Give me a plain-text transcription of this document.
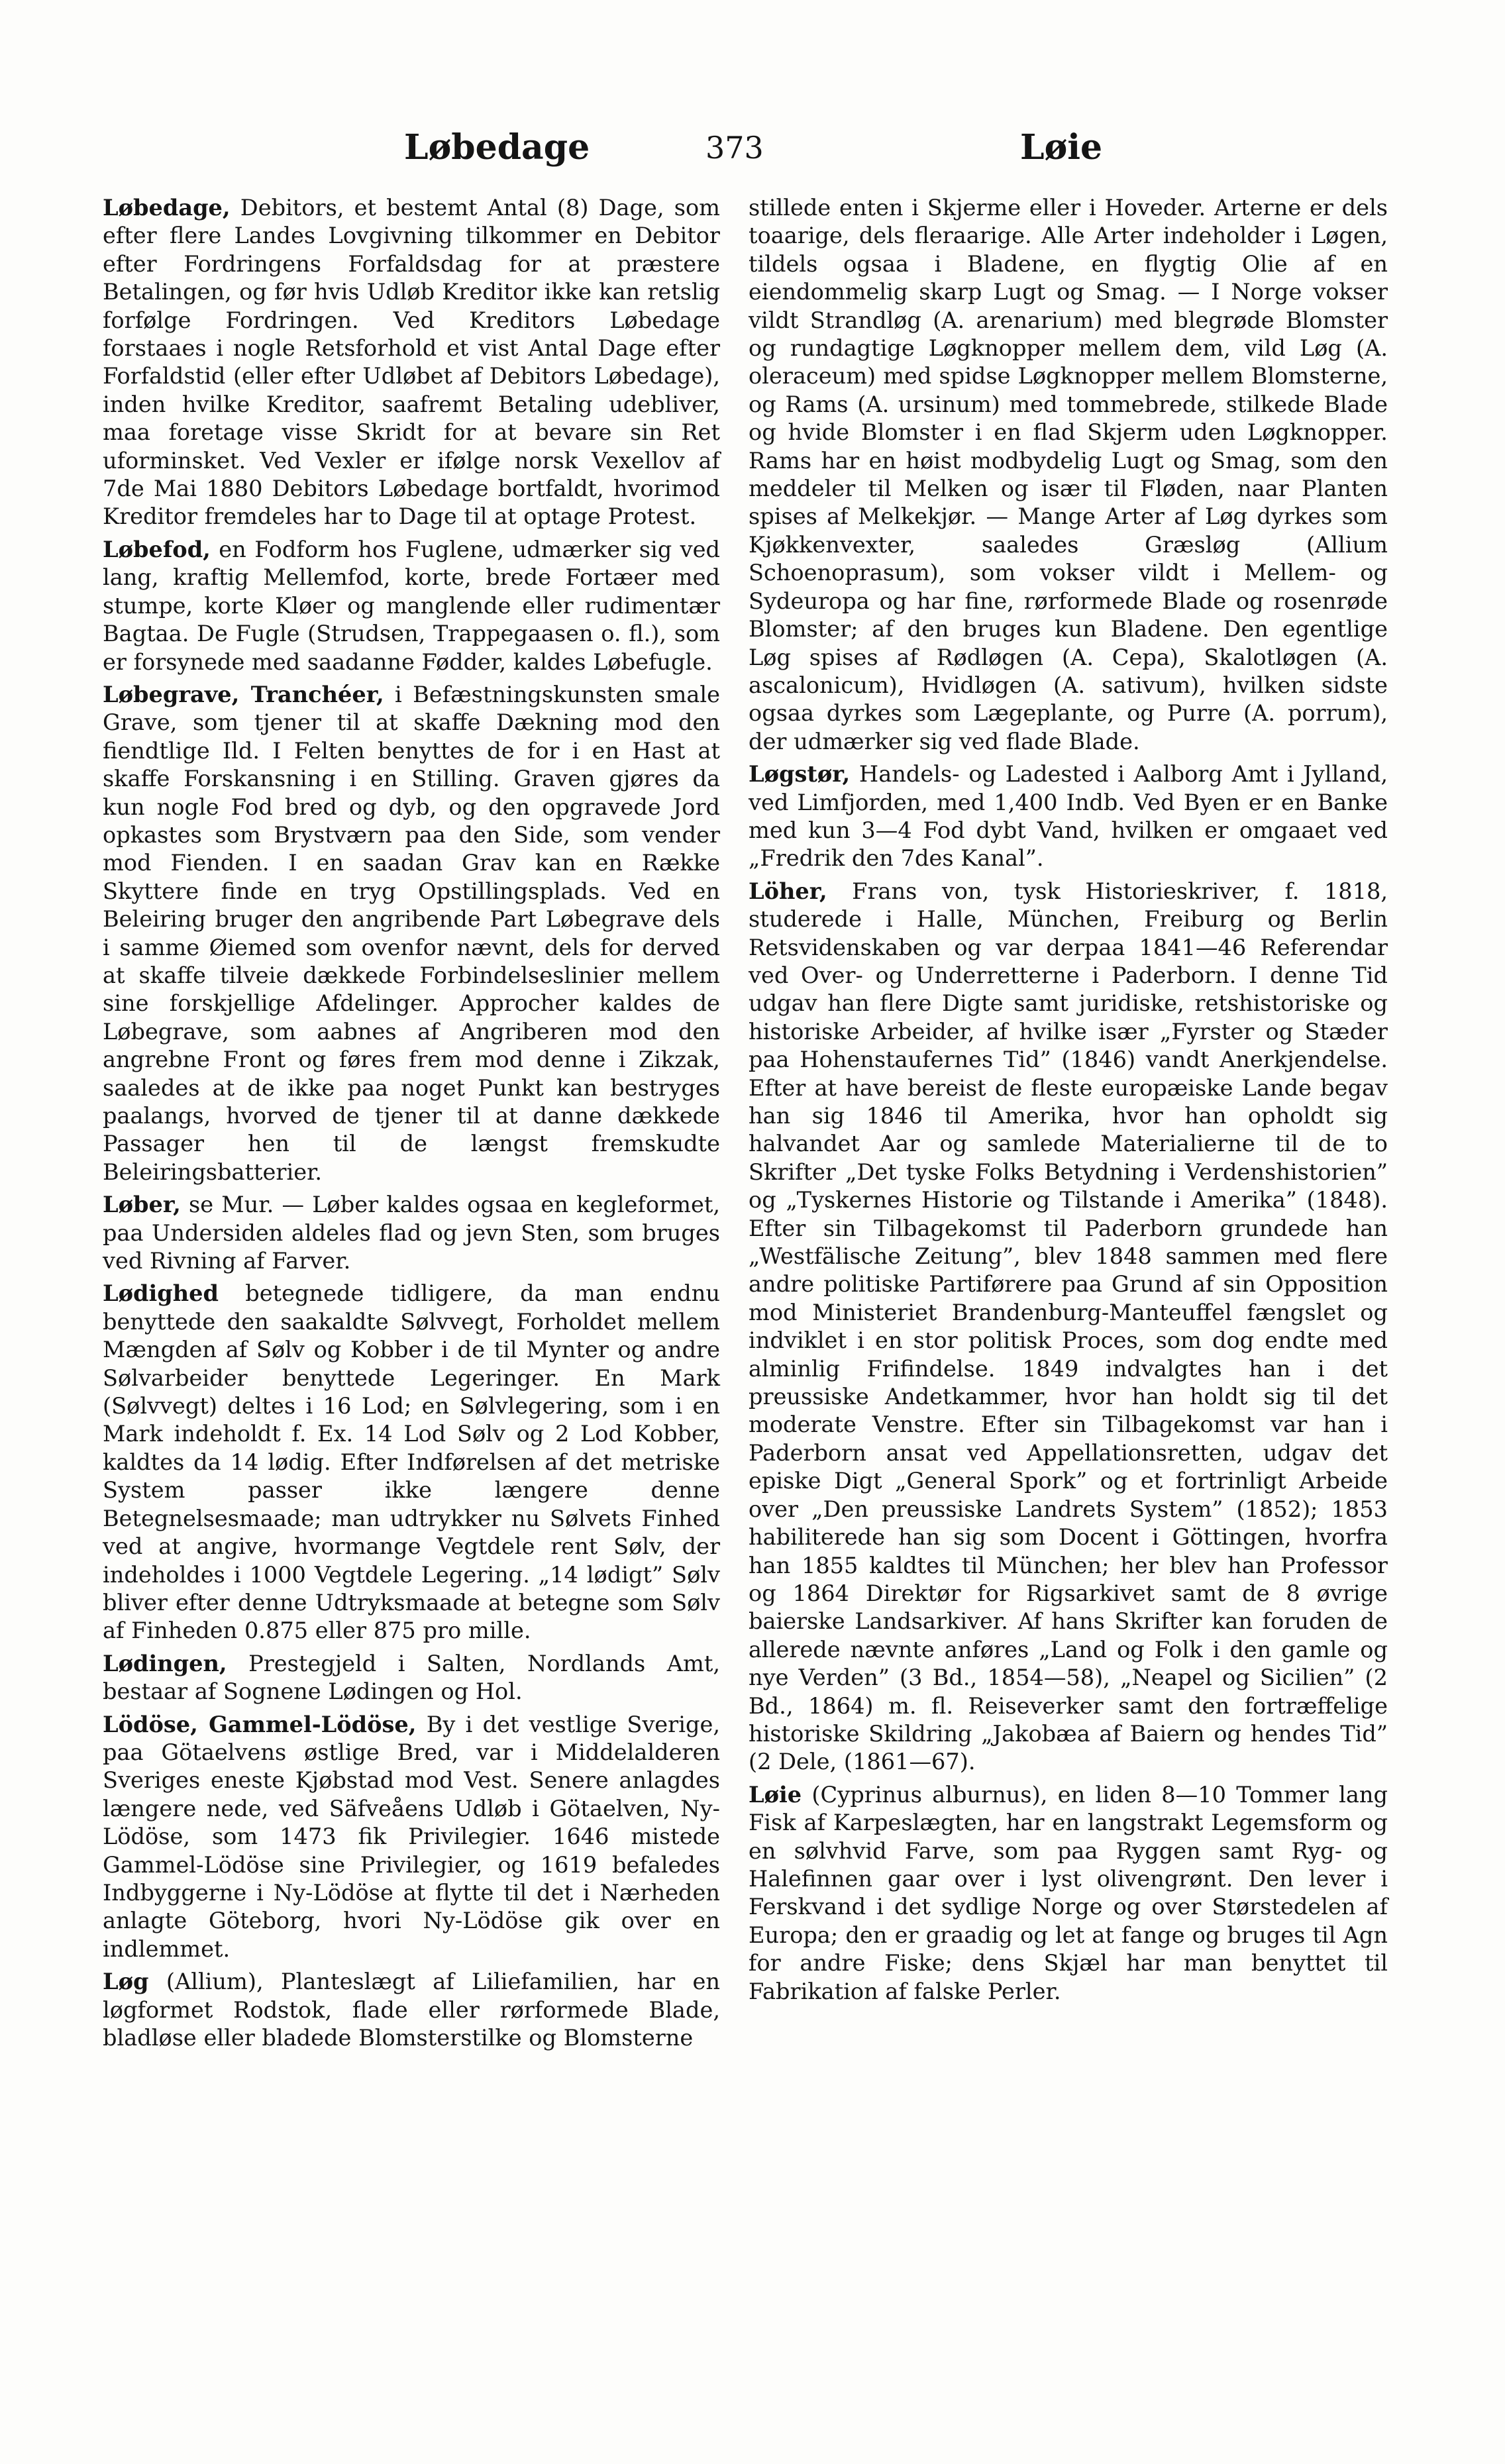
Løbedage	373	Løie

Løbedage, Debitors, et bestemt Antal (8) Dage, som efter flere Landes Lovgivning tilkommer en Debitor efter Fordringens Forfaldsdag for at præstere Betalingen, og før hvis Udløb Kreditor ikke kan retslig forfølge Fordringen. Ved Kreditors Løbedage forstaaes i nogle Retsforhold et vist Antal Dage efter Forfaldstid (eller efter Udløbet af Debitors Løbedage), inden hvilke Kreditor, saafremt Betaling udebliver, maa foretage visse Skridt for at bevare sin Ret uforminsket. Ved Vexler er ifølge norsk Vexellov af 7de Mai 1880 Debitors Løbedage bortfaldt, hvorimod Kreditor fremdeles har to Dage til at optage Protest.

Løbefod, en Fodform hos Fuglene, udmærker sig ved lang, kraftig Mellemfod, korte, brede Fortæer med stumpe, korte Kløer og manglende eller rudimentær Bagtaa. De Fugle (Strudsen, Trappegaasen o. fl.), som er forsynede med saadanne Fødder, kaldes Løbefugle.

Løbegrave, Tranchéer, i Befæstningskunsten smale Grave, som tjener til at skaffe Dækning mod den fiendtlige Ild. I Felten benyttes de for i en Hast at skaffe Forskansning i en Stilling. Graven gjøres da kun nogle Fod bred og dyb, og den opgravede Jord opkastes som Brystværn paa den Side, som vender mod Fienden. I en saadan Grav kan en Række Skyttere finde en tryg Opstillingsplads. Ved en Beleiring bruger den angribende Part Løbegrave dels i samme Øiemed som ovenfor nævnt, dels for derved at skaffe tilveie dækkede Forbindelseslinier mellem sine forskjellige Afdelinger. Approcher kaldes de Løbegrave, som aabnes af Angriberen mod den angrebne Front og føres frem mod denne i Zikzak, saaledes at de ikke paa noget Punkt kan bestryges paalangs, hvorved de tjener til at danne dækkede Passager hen til de længst fremskudte Beleiringsbatterier.

Løber, se Mur. — Løber kaldes ogsaa en kegleformet, paa Undersiden aldeles flad og jevn Sten, som bruges ved Rivning af Farver.

Lødighed betegnede tidligere, da man endnu benyttede den saakaldte Sølvvegt, Forholdet mellem Mængden af Sølv og Kobber i de til Mynter og andre Sølvarbeider benyttede Legeringer. En Mark (Sølvvegt) deltes i 16 Lod; en Sølvlegering, som i en Mark indeholdt f. Ex. 14 Lod Sølv og 2 Lod Kobber, kaldtes da 14 lødig. Efter Indførelsen af det metriske System passer ikke længere denne Betegnelsesmaade; man udtrykker nu Sølvets Finhed ved at angive, hvormange Vegtdele rent Sølv, der indeholdes i 1000 Vegtdele Legering. „14 lødigt” Sølv bliver efter denne Udtryksmaade at betegne som Sølv af Finheden 0.875 eller 875 pro mille.

Lødingen, Prestegjeld i Salten, Nordlands Amt, bestaar af Sognene Lødingen og Hol.

Lödöse, Gammel-Lödöse, By i det vestlige Sverige, paa Götaelvens østlige Bred, var i Middelalderen Sveriges eneste Kjøbstad mod Vest. Senere anlagdes længere nede, ved Säfveåens Udløb i Götaelven, Ny-Lödöse, som 1473 fik Privilegier. 1646 mistede Gammel-Lödöse sine Privilegier, og 1619 befaledes Indbyggerne i Ny-Lödöse at flytte til det i Nærheden anlagte Göteborg, hvori Ny-Lödöse gik over en indlemmet.

Løg (Allium), Planteslægt af Liliefamilien, har en løgformet Rodstok, flade eller rørformede Blade, bladløse eller bladede Blomsterstilke og Blomsterne

stillede enten i Skjerme eller i Hoveder. Arterne er dels toaarige, dels fleraarige. Alle Arter indeholder i Løgen, tildels ogsaa i Bladene, en flygtig Olie af en eiendommelig skarp Lugt og Smag. — I Norge vokser vildt Strandløg (A. arenarium) med blegrøde Blomster og rundagtige Løgknopper mellem dem, vild Løg (A. oleraceum) med spidse Løgknopper mellem Blomsterne, og Rams (A. ursinum) med tommebrede, stilkede Blade og hvide Blomster i en flad Skjerm uden Løgknopper. Rams har en høist modbydelig Lugt og Smag, som den meddeler til Melken og især til Fløden, naar Planten spises af Melkekjør. — Mange Arter af Løg dyrkes som Kjøkkenvexter, saaledes Græsløg (Allium Schoenoprasum), som vokser vildt i Mellem- og Sydeuropa og har fine, rørformede Blade og rosenrøde Blomster; af den bruges kun Bladene. Den egentlige Løg spises af Rødløgen (A. Cepa), Skalotløgen (A. ascalonicum), Hvidløgen (A. sativum), hvilken sidste ogsaa dyrkes som Lægeplante, og Purre (A. porrum), der udmærker sig ved flade Blade.

Løgstør, Handels- og Ladested i Aalborg Amt i Jylland, ved Limfjorden, med 1,400 Indb. Ved Byen er en Banke med kun 3—4 Fod dybt Vand, hvilken er omgaaet ved „Fredrik den 7des Kanal”.

Löher, Frans von, tysk Historieskriver, f. 1818, studerede i Halle, München, Freiburg og Berlin Retsvidenskaben og var derpaa 1841—46 Referendar ved Over- og Underretterne i Paderborn. I denne Tid udgav han flere Digte samt juridiske, retshistoriske og historiske Arbeider, af hvilke især „Fyrster og Stæder paa Hohenstaufernes Tid” (1846) vandt Anerkjendelse. Efter at have bereist de fleste europæiske Lande begav han sig 1846 til Amerika, hvor han opholdt sig halvandet Aar og samlede Materialierne til de to Skrifter „Det tyske Folks Betydning i Verdenshistorien” og „Tyskernes Historie og Tilstande i Amerika” (1848). Efter sin Tilbagekomst til Paderborn grundede han „Westfälische Zeitung”, blev 1848 sammen med flere andre politiske Partiførere paa Grund af sin Opposition mod Ministeriet Brandenburg-Manteuffel fængslet og indviklet i en stor politisk Proces, som dog endte med alminlig Frifindelse. 1849 indvalgtes han i det preussiske Andetkammer, hvor han holdt sig til det moderate Venstre. Efter sin Tilbagekomst var han i Paderborn ansat ved Appellationsretten, udgav det episke Digt „General Spork” og et fortrinligt Arbeide over „Den preussiske Landrets System” (1852); 1853 habiliterede han sig som Docent i Göttingen, hvorfra han 1855 kaldtes til München; her blev han Professor og 1864 Direktør for Rigsarkivet samt de 8 øvrige baierske Landsarkiver. Af hans Skrifter kan foruden de allerede nævnte anføres „Land og Folk i den gamle og nye Verden” (3 Bd., 1854—58), „Neapel og Sicilien” (2 Bd., 1864) m. fl. Reiseverker samt den fortræffelige historiske Skildring „Jakobæa af Baiern og hendes Tid” (2 Dele, (1861—67).

Løie (Cyprinus alburnus), en liden 8—10 Tommer lang Fisk af Karpeslægten, har en langstrakt Legemsform og en sølvhvid Farve, som paa Ryggen samt Ryg- og Halefinnen gaar over i lyst olivengrønt. Den lever i Ferskvand i det sydlige Norge og over Størstedelen af Europa; den er graadig og let at fange og bruges til Agn for andre Fiske; dens Skjæl har man benyttet til Fabrikation af falske Perler.
